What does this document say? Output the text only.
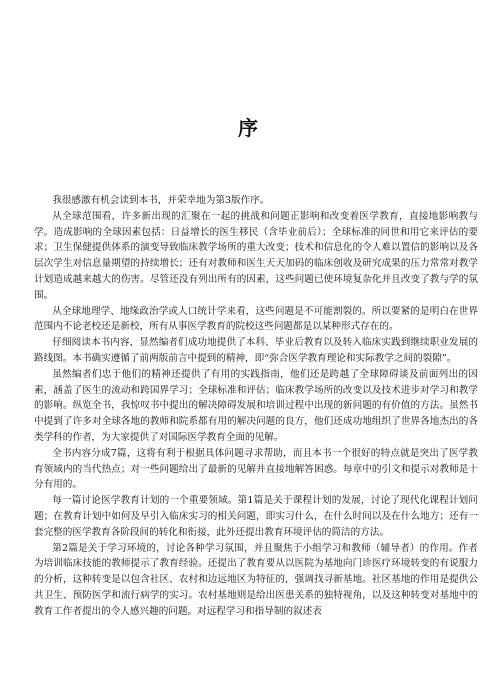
序

我很感激有机会读到本书，并荣幸地为第3版作序。

从全球范围看，许多新出现的汇聚在一起的挑战和问题正影响和改变着医学教育，直接地影响教与学。造成影响的全球因素包括：日益增长的医生移民（含毕业前后）；全球标准的同世和用它来评估的要求；卫生保健提供体系的演变导致临床教学场所的重大改变；技术和信息化的令人难以置信的影响以及各层次学生对信息量期望的持续增长；还有对教师和医生天天加码的临床创收及研究成果的压力常常对教学计划造成越来越大的伤害。尽管还没有列出所有的因素，这些问题已使环境复杂化并且改变了教与学的氛围。

从全球地理学、地缘政治学或人口统计学来看，这些问题是不可能割裂的。所以要紧的是明白在世界范围内不论老校还是新校，所有从事医学教育的院校这些问题都是以某种形式存在的。

仔细阅读本书内容，显然编者们成功地提供了本科、毕业后教育以及转入临床实践到继续职业发展的路线图。本书确实遵循了前两版前言中提到的精神，即“弥合医学教育理论和实际教学之间的裂隙”。

虽然编者们忠于他们的精神还提供了有用的实践指南，他们还是跨越了全球障碍谈及前面列出的因素，涵盖了医生的流动和跨国界学习；全球标准和评估；临床教学场所的改变以及技术进步对学习和教学的影响。纵览全书，我惊叹书中提出的解决障碍发展和培训过程中出现的新问题的有价值的方法。虽然书中提到了许多对全球各地的教师和院系都有用的解决问题的良方，他们还成功地组织了世界各地杰出的各类学科的作者，为大家提供了对国际医学教育全面的见解。

全书内容分成7篇，这将有利于根据具体问题寻求帮助，而且本书一个很好的特点就是突出了医学教育领域内的当代热点；对一些问题给出了最新的见解并直接地解答困惑。每章中的引文和提示对教师是十分有用的。

每一篇讨论医学教育计划的一个重要领域。第1篇是关于课程计划的发展，讨论了现代化课程计划问题；在教育计划中如何及早引入临床实习的相关问题，即实习什么，在什么时间以及在什么地方；还有一套完整的医学教育各阶段间的转化和衔接，此外还提出教育环境评估的简洁的方法。

第2篇是关于学习环境的，讨论各种学习氛围，并且聚焦于小组学习和教师（辅导者）的作用。作者为培训临床技能的教师提示了教育经验。还提出了教育要从以医院为基地向门诊医疗环境转变的有说服力的分析，这种转变是以包含社区、农村和边远地区为特征的，强调找寻新基地。社区基地的作用是提供公共卫生、预防医学和流行病学的实习。农村基地则是给出医患关系的独特视角，以及这种转变对基地中的教育工作者提出的令人感兴趣的问题。对远程学习和指导制的叙述表
